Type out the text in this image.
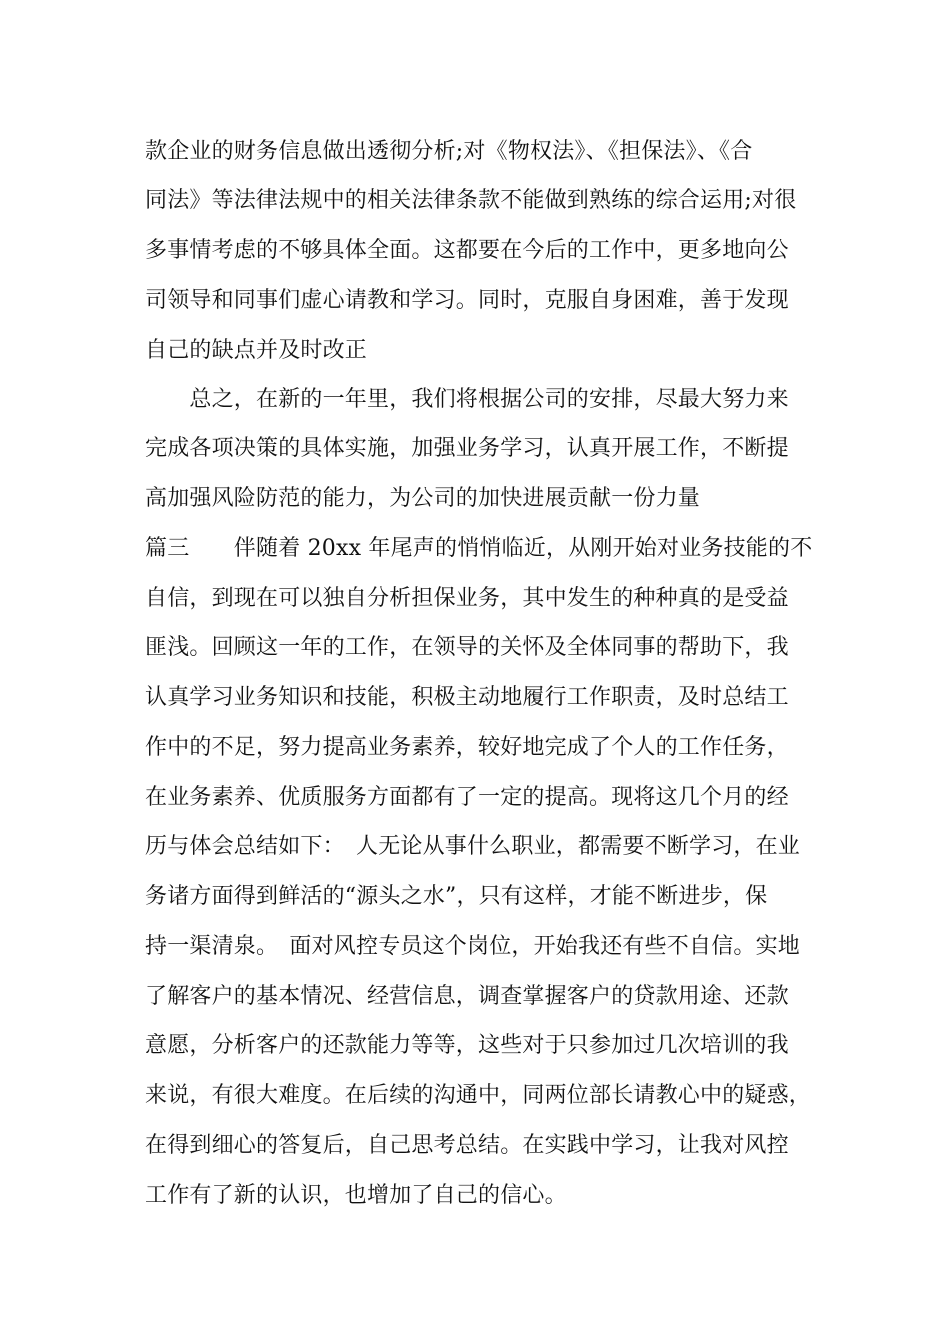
款企业的财务信息做出透彻分析;对《物权法》、《担保法》、《合
同法》等法律法规中的相关法律条款不能做到熟练的综合运用;对很
多事情考虑的不够具体全面。这都要在今后的工作中，更多地向公
司领导和同事们虚心请教和学习。同时，克服自身困难，善于发现
自己的缺点并及时改正
　　总之，在新的一年里，我们将根据公司的安排，尽最大努力来
完成各项决策的具体实施，加强业务学习，认真开展工作，不断提
高加强风险防范的能力，为公司的加快进展贡献一份力量
篇三　　伴随着 20xx 年尾声的悄悄临近，从刚开始对业务技能的不
自信，到现在可以独自分析担保业务，其中发生的种种真的是受益
匪浅。回顾这一年的工作，在领导的关怀及全体同事的帮助下，我
认真学习业务知识和技能，积极主动地履行工作职责，及时总结工
作中的不足，努力提高业务素养，较好地完成了个人的工作任务，
在业务素养、优质服务方面都有了一定的提高。现将这几个月的经
历与体会总结如下：　人无论从事什么职业，都需要不断学习，在业
务诸方面得到鲜活的“源头之水”，只有这样，才能不断进步，保
持一渠清泉。　面对风控专员这个岗位，开始我还有些不自信。实地
了解客户的基本情况、经营信息，调查掌握客户的贷款用途、还款
意愿，分析客户的还款能力等等，这些对于只参加过几次培训的我
来说，有很大难度。在后续的沟通中，同两位部长请教心中的疑惑，
在得到细心的答复后，自己思考总结。在实践中学习，让我对风控
工作有了新的认识，也增加了自己的信心。
